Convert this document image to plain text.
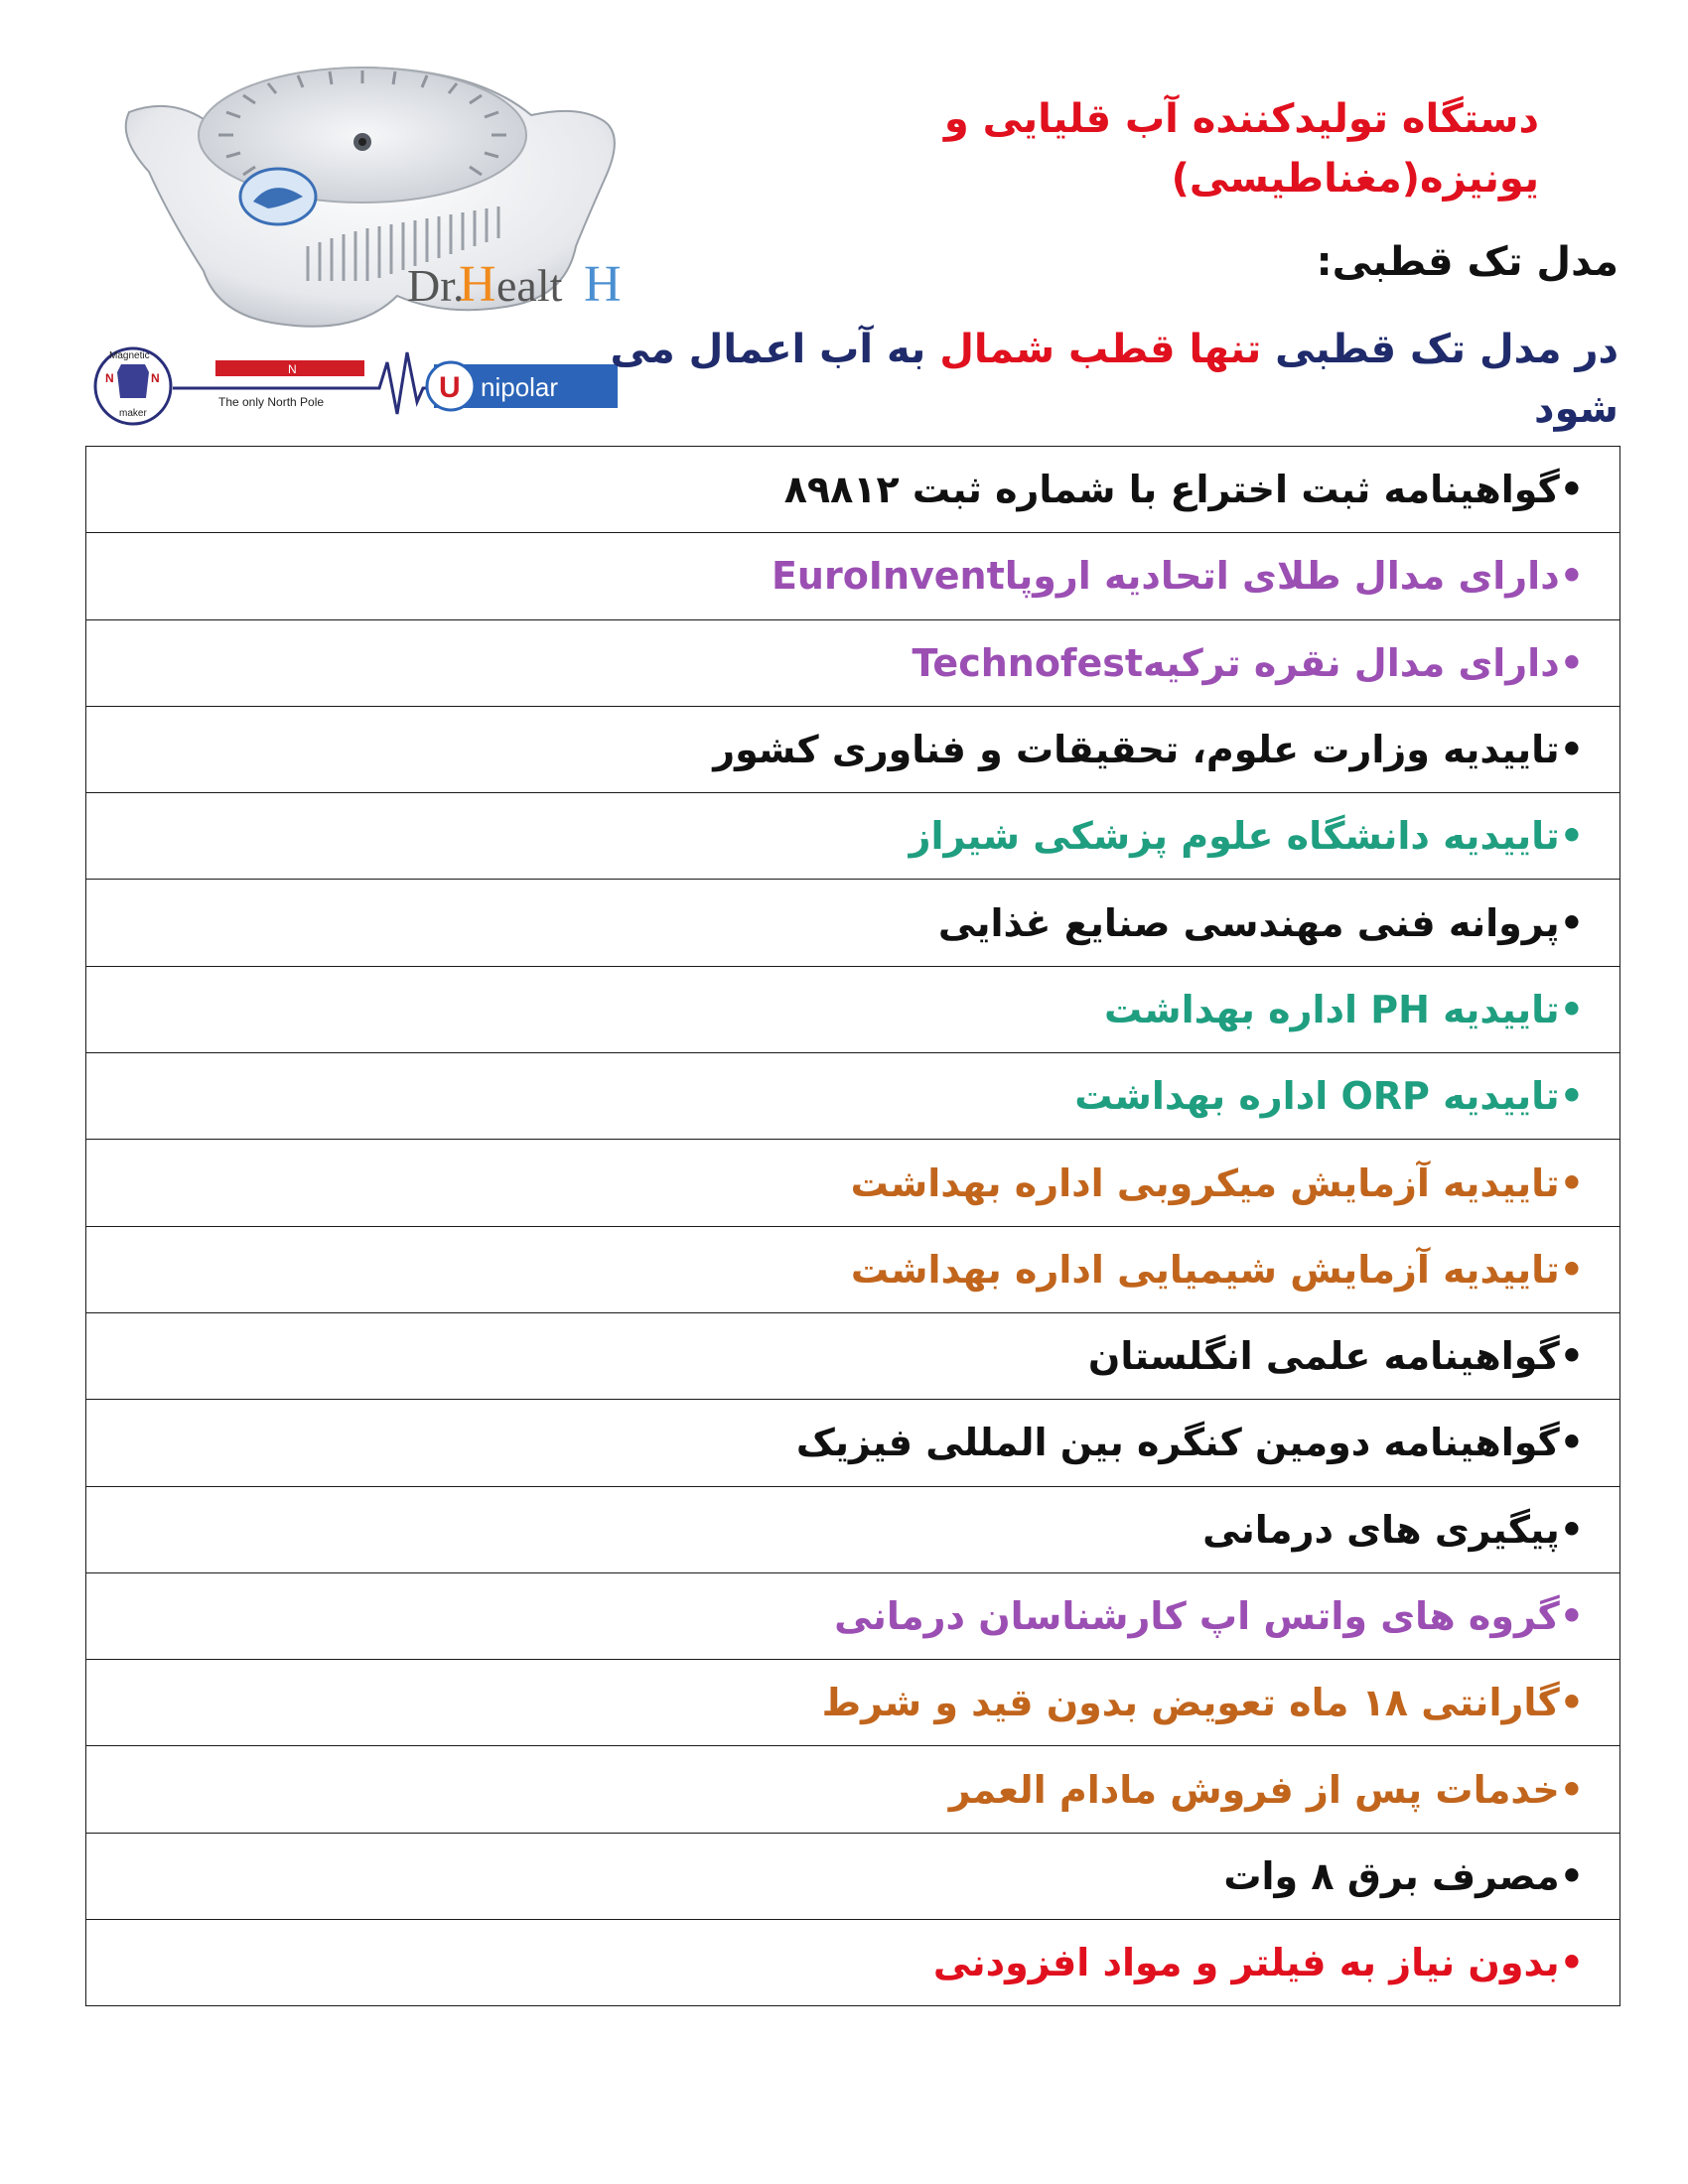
Dr.
H ealt H
N	N
maker
Magnetic
N
The only North Pole	U nipolar
دستگاه تولیدکننده آب قلیایی و یونیزه(مغناطیسی)
مدل تک قطبی:
در مدل تک قطبی تنها قطب شمال به آب اعمال می شود
•گواهینامه ثبت اختراع با شماره ثبت ۸۹۸۱۲
•دارای مدال طلای اتحادیه اروپاEuroInvent
•دارای مدال نقره ترکیهTechnofest
•تاییدیه وزارت علوم، تحقیقات و فناوری کشور
•تاییدیه دانشگاه علوم پزشکی شیراز
•پروانه فنی مهندسی صنایع غذایی
•تاییدیه PH اداره بهداشت
•تاییدیه ORP اداره بهداشت
•تاییدیه آزمایش میکروبی اداره بهداشت
•تاییدیه آزمایش شیمیایی اداره بهداشت
•گواهینامه علمی انگلستان
•گواهینامه دومین کنگره بین المللی فیزیک
•پیگیری های درمانی
•گروه های واتس اپ کارشناسان درمانی
•گارانتی ۱۸ ماه تعویض بدون قید و شرط
•خدمات پس از فروش مادام العمر
•مصرف برق ۸ وات
•بدون نیاز به فیلتر و مواد افزودنی
